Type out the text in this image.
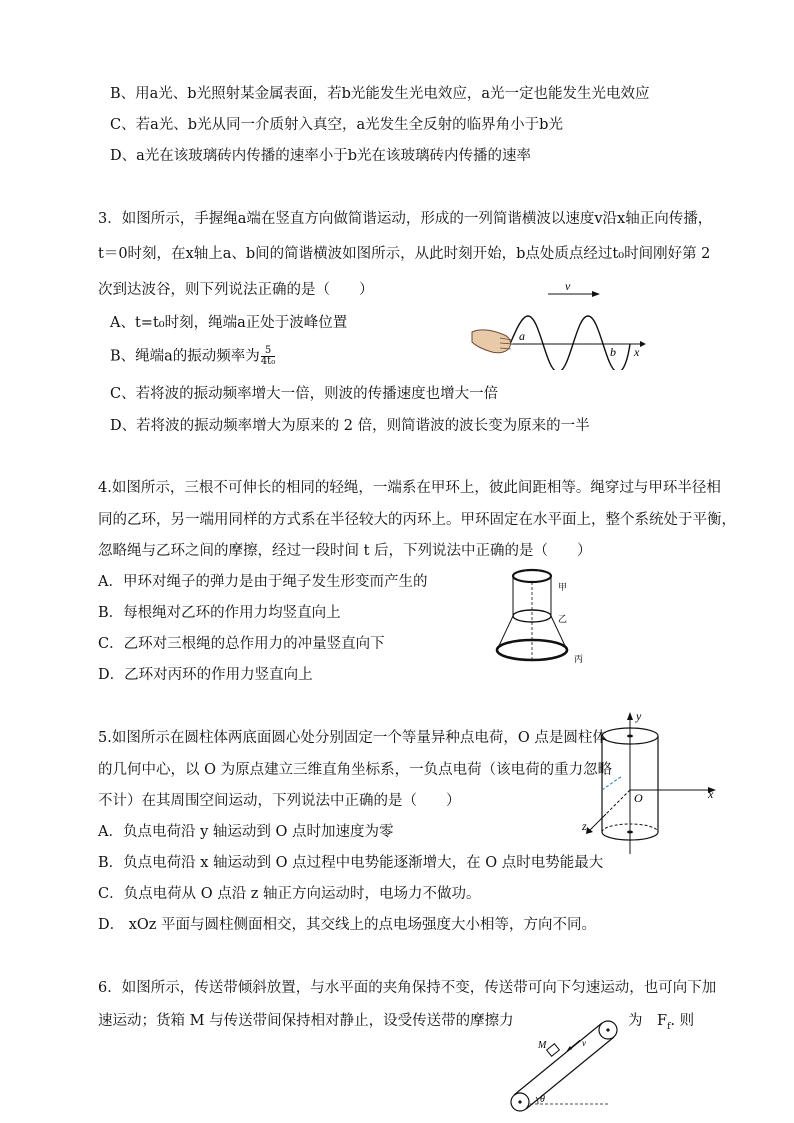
B、用a光、b光照射某金属表面，若b光能发生光电效应，a光一定也能发生光电效应
C、若a光、b光从同一介质射入真空，a光发生全反射的临界角小于b光
D、a光在该玻璃砖内传播的速率小于b光在该玻璃砖内传播的速率
3．如图所示，手握绳a端在竖直方向做简谐运动，形成的一列简谐横波以速度v沿x轴正向传播，
t＝0时刻，在x轴上a、b间的简谐横波如图所示，从此时刻开始，b点处质点经过t₀时间刚好第 2
次到达波谷，则下列说法正确的是（　　）
A、t=t₀时刻，绳端a正处于波峰位置
B、绳端a的振动频率为 $\frac{5}{\text{4t₀}}$
C、若将波的振动频率增大一倍，则波的传播速度也增大一倍
D、若将波的振动频率增大为原来的 2 倍，则简谐波的波长变为原来的一半
v
x
a
b
4.如图所示，三根不可伸长的相同的轻绳，一端系在甲环上，彼此间距相等。绳穿过与甲环半径相
同的乙环，另一端用同样的方式系在半径较大的丙环上。甲环固定在水平面上，整个系统处于平衡，
忽略绳与乙环之间的摩擦，经过一段时间 t 后，下列说法中正确的是（　　）
A．甲环对绳子的弹力是由于绳子发生形变而产生的
B．每根绳对乙环的作用力均竖直向上
C．乙环对三根绳的总作用力的冲量竖直向下
D．乙环对丙环的作用力竖直向上
甲
乙
丙
5.如图所示在圆柱体两底面圆心处分别固定一个等量异种点电荷，O 点是圆柱体
的几何中心，以 O 为原点建立三维直角坐标系，一负点电荷（该电荷的重力忽略
不计）在其周围空间运动，下列说法中正确的是（　　）
A．负点电荷沿 y 轴运动到 O 点时加速度为零
B．负点电荷沿 x 轴运动到 O 点过程中电势能逐渐增大，在 O 点时电势能最大
C．负点电荷从 O 点沿 z 轴正方向运动时，电场力不做功。
D． xOz 平面与圆柱侧面相交，其交线上的点电场强度大小相等，方向不同。
y
x
z
O
6．如图所示，传送带倾斜放置，与水平面的夹角保持不变，传送带可向下匀速运动，也可向下加
速运动；货箱 M 与传送带间保持相对静止，设受传送带的摩擦力	为　$F_f$. 则
M	v
θ
